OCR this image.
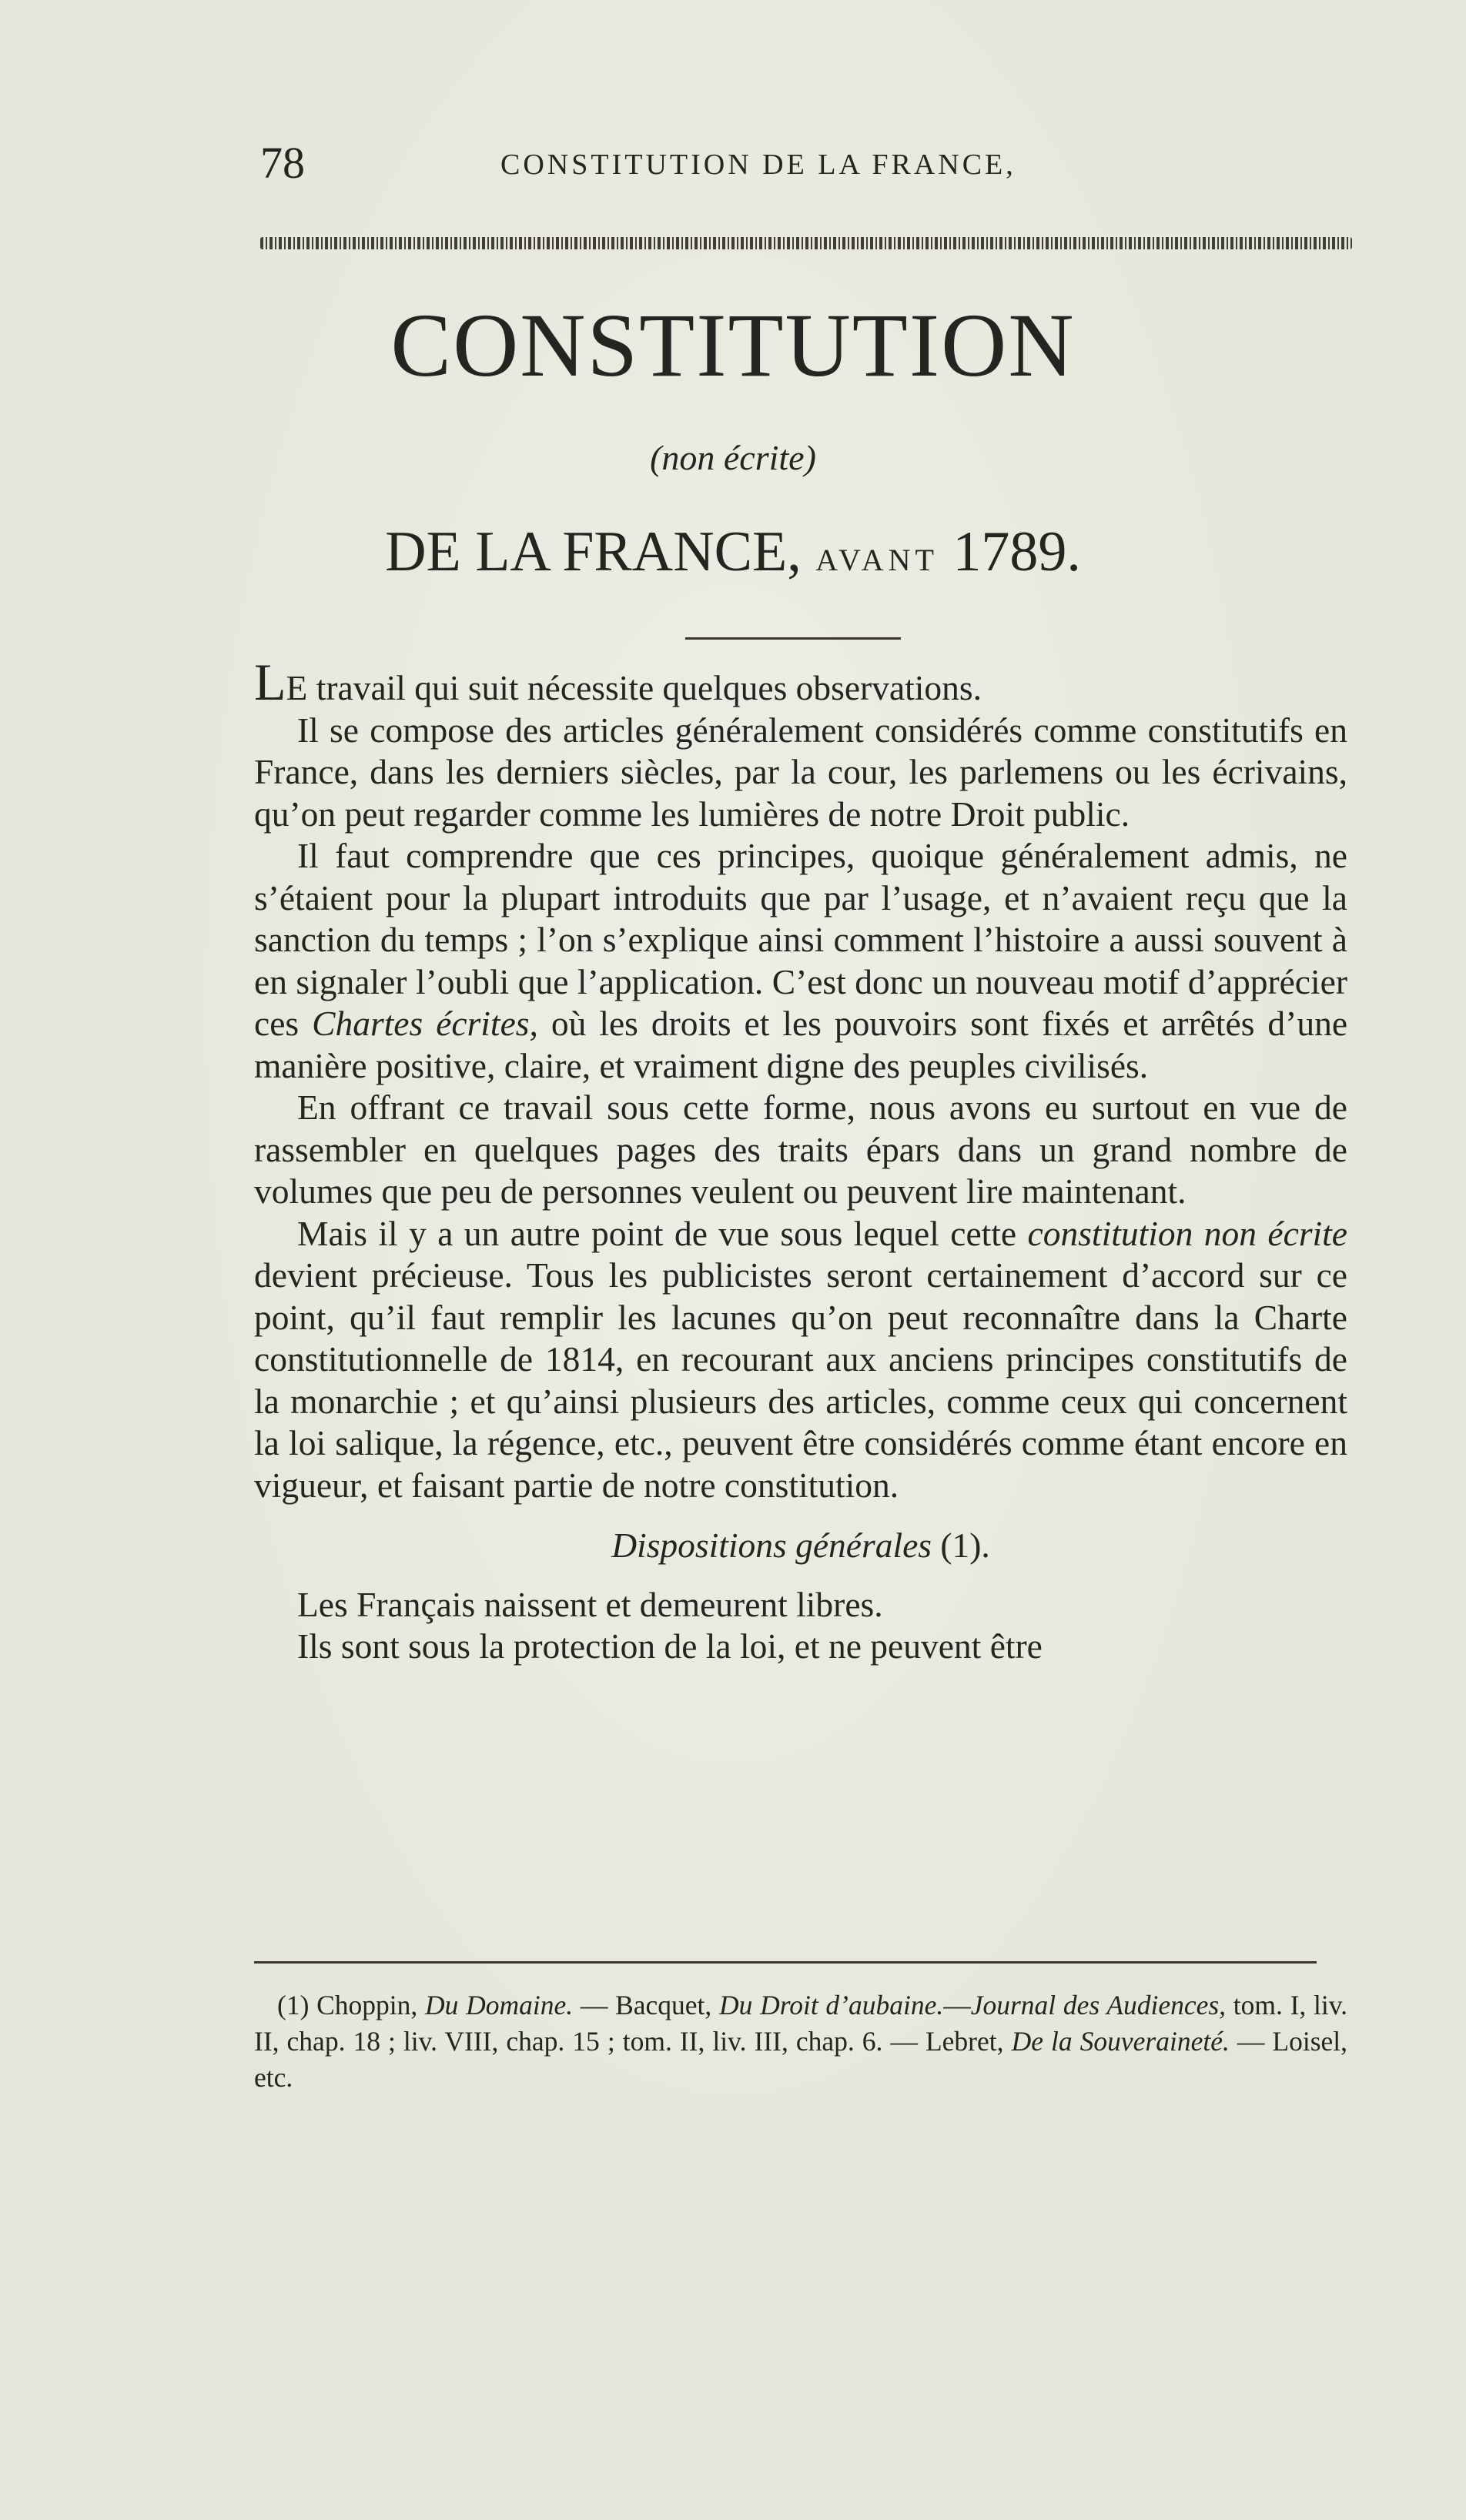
78	CONSTITUTION DE LA FRANCE,
CONSTITUTION
(non écrite)
DE LA FRANCE, AVANT 1789.

LE travail qui suit nécessite quelques observations.

Il se compose des articles généralement considérés comme constitutifs en France, dans les derniers siècles, par la cour, les parlemens ou les écrivains, qu’on peut regarder comme les lumières de notre Droit public.

Il faut comprendre que ces principes, quoique généralement admis, ne s’étaient pour la plupart introduits que par l’usage, et n’avaient reçu que la sanction du temps ; l’on s’explique ainsi comment l’histoire a aussi souvent à en signaler l’oubli que l’application. C’est donc un nouveau motif d’apprécier ces Chartes écrites, où les droits et les pouvoirs sont fixés et arrêtés d’une manière positive, claire, et vraiment digne des peuples civilisés.

En offrant ce travail sous cette forme, nous avons eu surtout en vue de rassembler en quelques pages des traits épars dans un grand nombre de volumes que peu de personnes veulent ou peuvent lire maintenant.

Mais il y a un autre point de vue sous lequel cette constitution non écrite devient précieuse. Tous les publicistes seront certainement d’accord sur ce point, qu’il faut remplir les lacunes qu’on peut reconnaître dans la Charte constitutionnelle de 1814, en recourant aux anciens principes constitutifs de la monarchie ; et qu’ainsi plusieurs des articles, comme ceux qui concernent la loi salique, la régence, etc., peuvent être considérés comme étant encore en vigueur, et faisant partie de notre constitution.

Dispositions générales (1).

Les Français naissent et demeurent libres.

Ils sont sous la protection de la loi, et ne peuvent être

(1) Choppin, Du Domaine. — Bacquet, Du Droit d’aubaine.—Journal des Audiences, tom. I, liv. II, chap. 18 ; liv. VIII, chap. 15 ; tom. II, liv. III, chap. 6. — Lebret, De la Souveraineté. — Loisel, etc.
